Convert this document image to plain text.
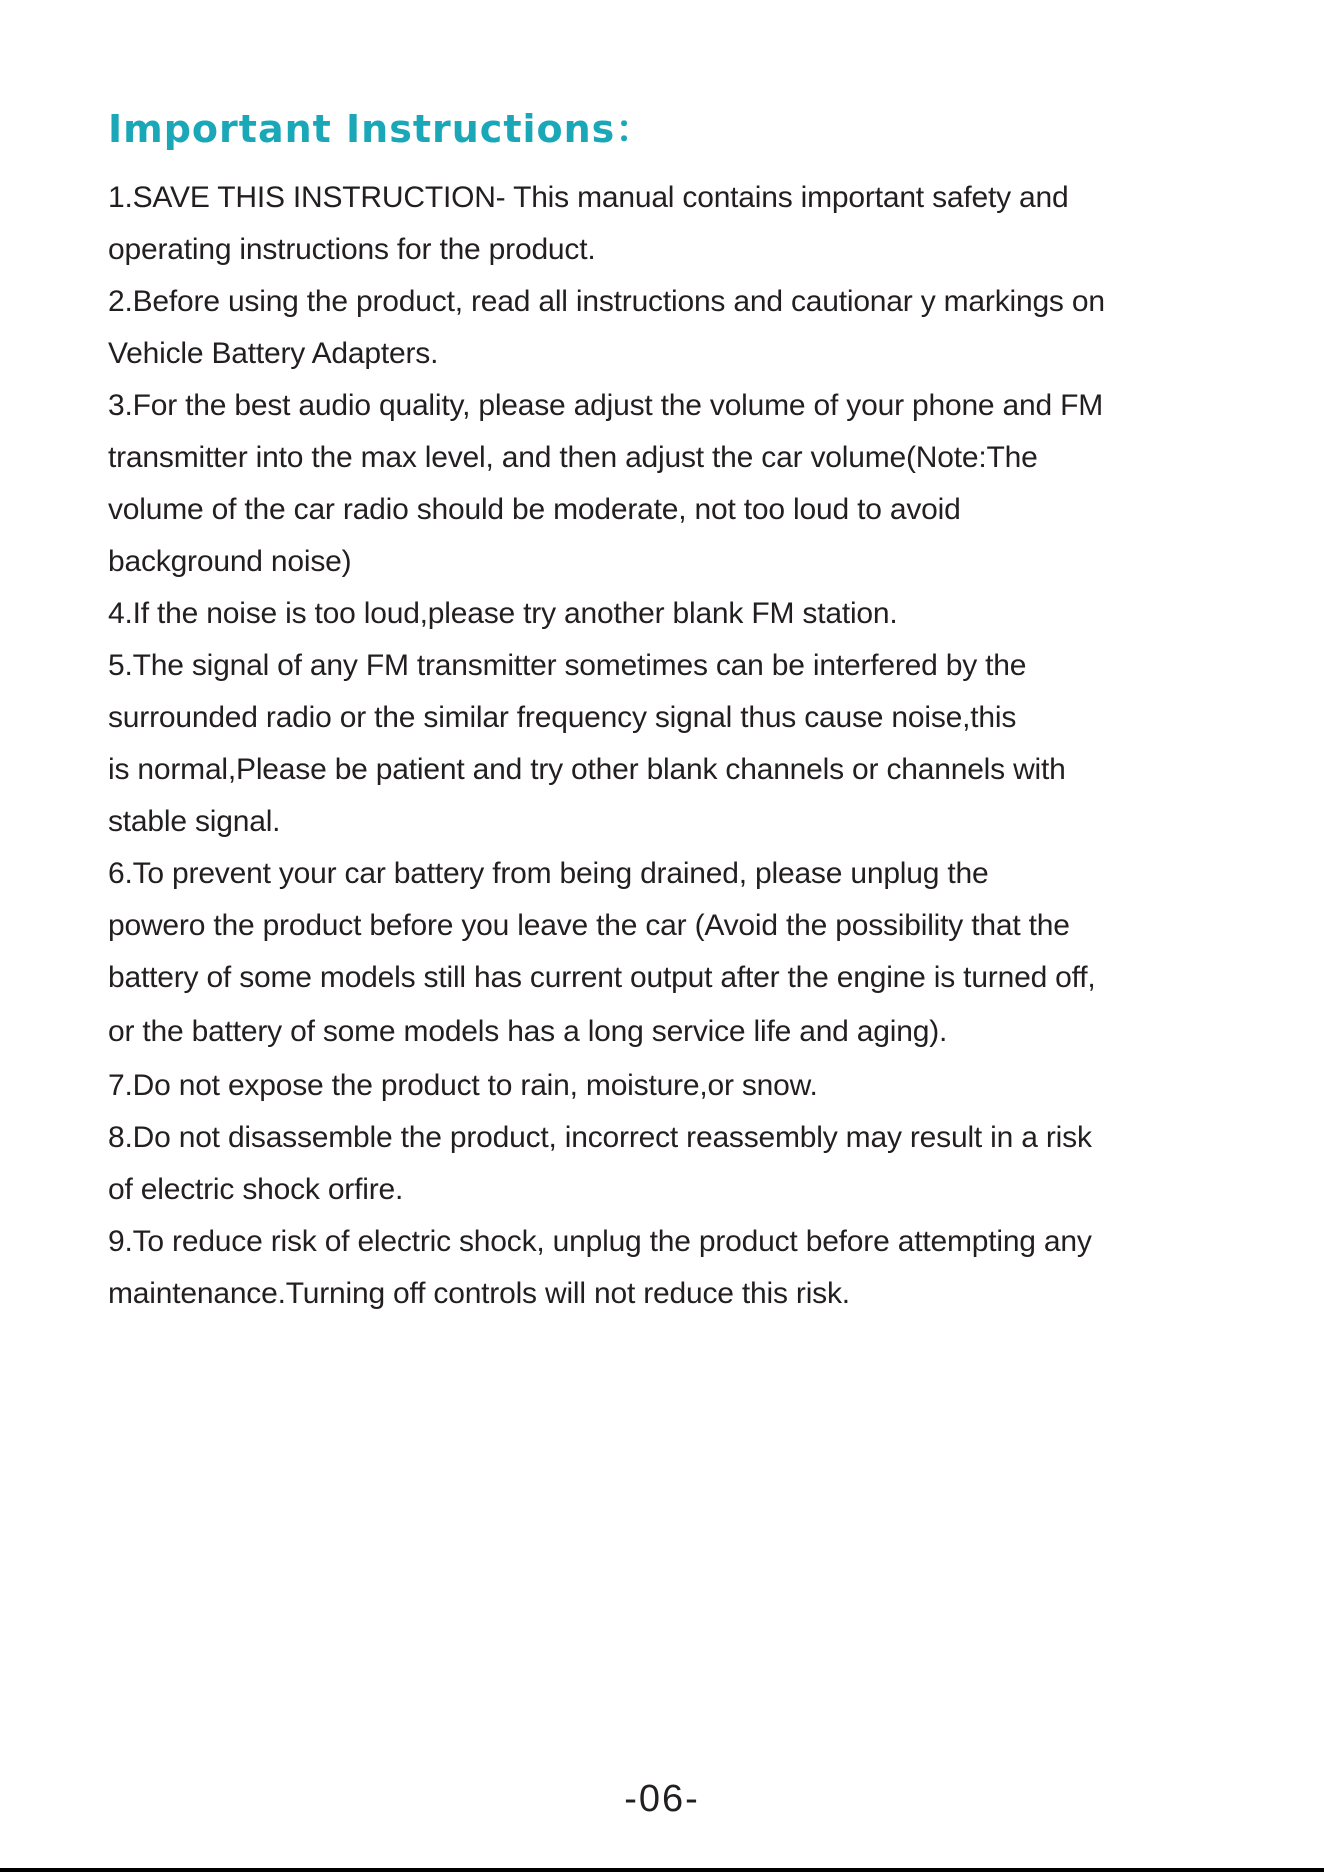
Important Instructions：
1.SAVE THIS INSTRUCTION- This manual contains important safety and
operating instructions for the product.
2.Before using the product, read all instructions and cautionar y markings on
Vehicle Battery Adapters.
3.For the best audio quality, please adjust the volume of your phone and FM
transmitter into the max level, and then adjust the car volume(Note:The
volume of the car radio should be moderate, not too loud to avoid
background noise)
4.If the noise is too loud,please try another blank FM station.
5.The signal of any FM transmitter sometimes can be interfered by the
surrounded radio or the similar frequency signal thus cause noise,this
is normal,Please be patient and try other blank channels or channels with
stable signal.
6.To prevent your car battery from being drained, please unplug the
powero the product before you leave the car (Avoid the possibility that the
battery of some models still has current output after the engine is turned off,
or the battery of some models has a long service life and aging).
7.Do not expose the product to rain, moisture,or snow.
8.Do not disassemble the product, incorrect reassembly may result in a risk
of electric shock orfire.
9.To reduce risk of electric shock, unplug the product before attempting any
maintenance.Turning off controls will not reduce this risk.
-06-
